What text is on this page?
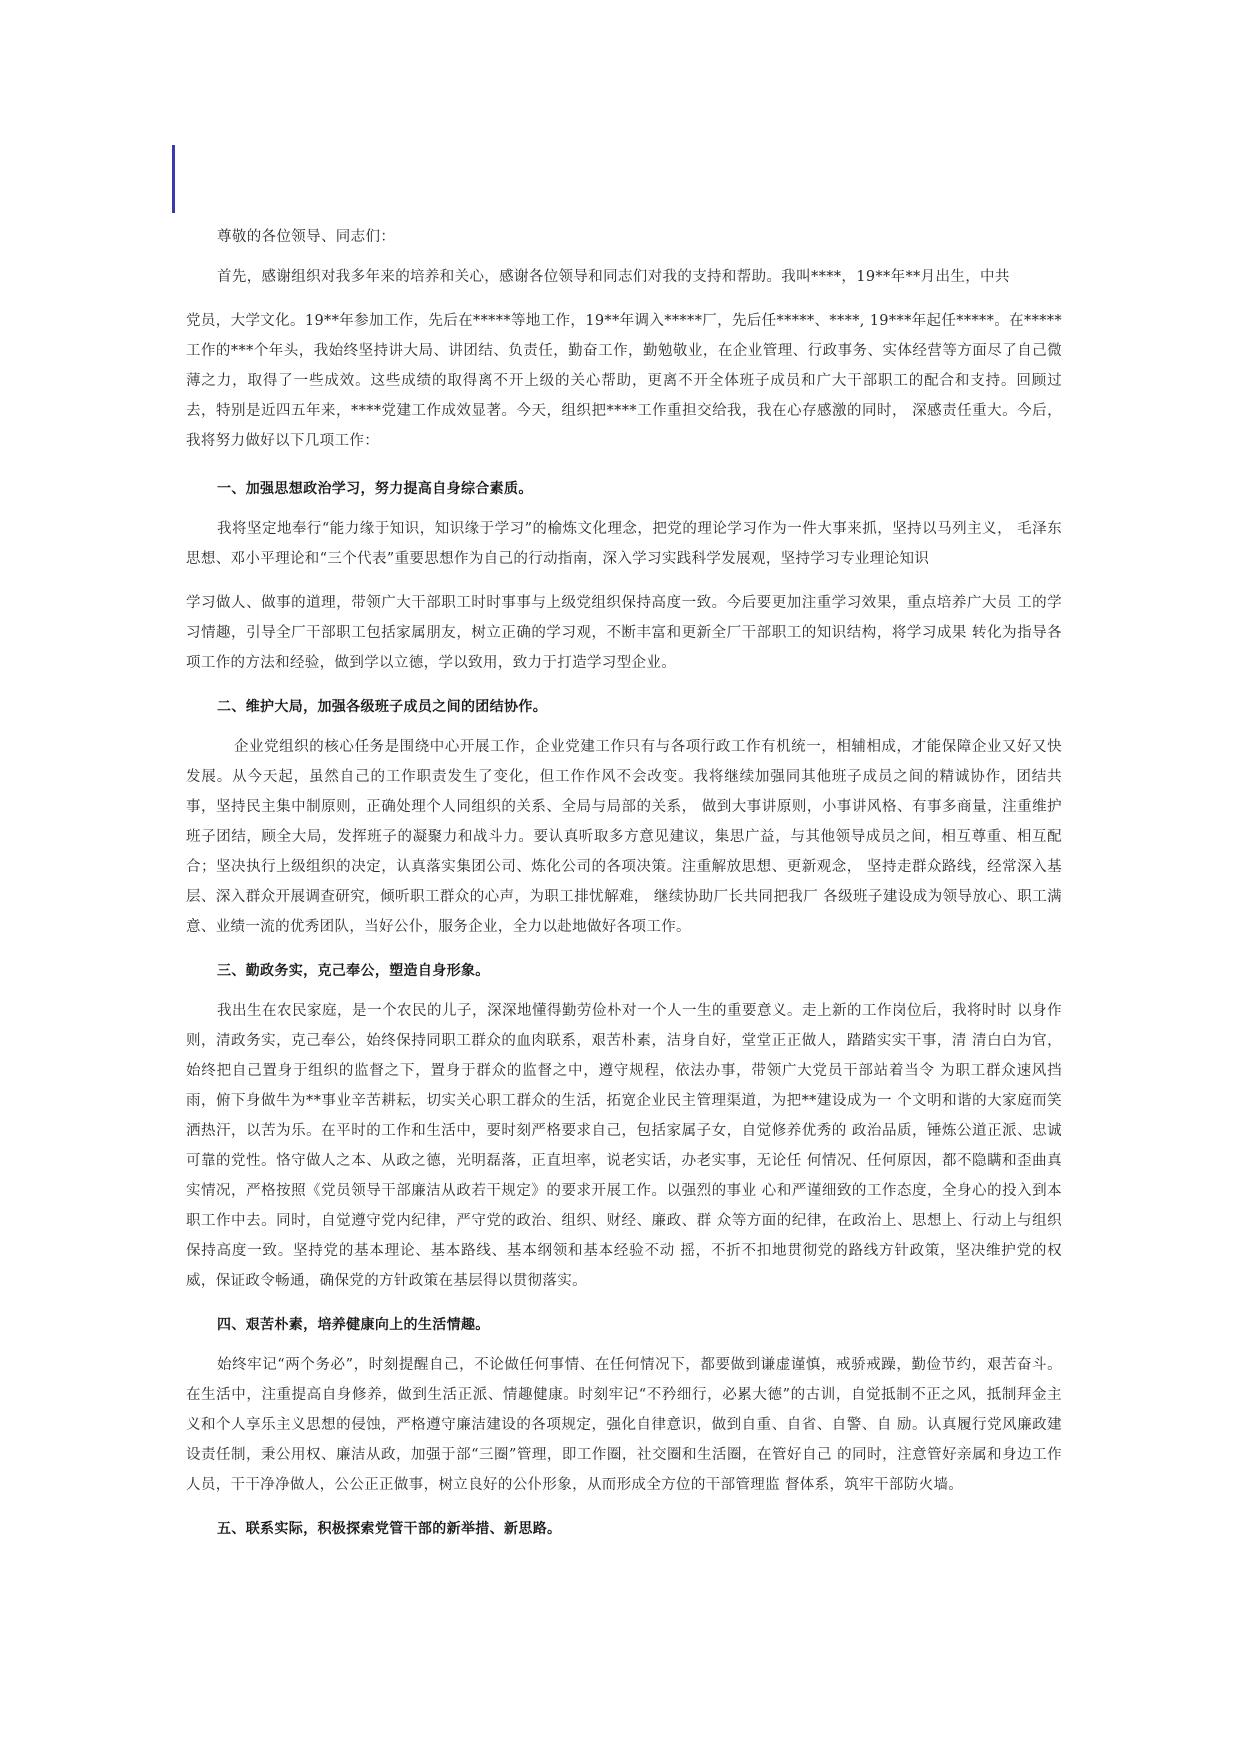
尊敬的各位领导、同志们：

首先，感谢组织对我多年来的培养和关心，感谢各位领导和同志们对我的支持和帮助。我叫****，19**年**月出生，中共

党员，大学文化。19**年参加工作，先后在*****等地工作，19**年调入*****厂，先后任*****、****, 19***年起任*****。在*****工作的***个年头，我始终坚持讲大局、讲团结、负责任，勤奋工作，勤勉敬业，在企业管理、行政事务、实体经营等方面尽了自己微薄之力，取得了一些成效。这些成绩的取得离不开上级的关心帮助，更离不开全体班子成员和广大干部职工的配合和支持。回顾过去，特别是近四五年来，****党建工作成效显著。今天，组织把****工作重担交给我，我在心存感激的同时， 深感责任重大。今后，我将努力做好以下几项工作：

一、加强思想政治学习，努力提高自身综合素质。

我将坚定地奉行“能力缘于知识，知识缘于学习”的榆炼文化理念，把党的理论学习作为一件大事来抓，坚持以马列主义， 毛泽东思想、邓小平理论和“三个代表”重要思想作为自己的行动指南，深入学习实践科学发展观，坚持学习专业理论知识

学习做人、做事的道理，带领广大干部职工时时事事与上级党组织保持高度一致。今后要更加注重学习效果，重点培养广大员 工的学习情趣，引导全厂干部职工包括家属朋友，树立正确的学习观，不断丰富和更新全厂干部职工的知识结构，将学习成果 转化为指导各项工作的方法和经验，做到学以立德，学以致用，致力于打造学习型企业。

二、维护大局，加强各级班子成员之间的团结协作。

企业党组织的核心任务是围绕中心开展工作，企业党建工作只有与各项行政工作有机统一，相辅相成，才能保障企业又好又快发展。从今天起，虽然自己的工作职责发生了变化，但工作作风不会改变。我将继续加强同其他班子成员之间的精诚协作，团结共事，坚持民主集中制原则，正确处理个人同组织的关系、全局与局部的关系， 做到大事讲原则，小事讲风格、有事多商量，注重维护班子团结，顾全大局，发挥班子的凝聚力和战斗力。要认真听取多方意见建议，集思广益，与其他领导成员之间，相互尊重、相互配合；坚决执行上级组织的决定，认真落实集团公司、炼化公司的各项决策。注重解放思想、更新观念， 坚持走群众路线，经常深入基层、深入群众开展调查研究，倾听职工群众的心声，为职工排忧解难， 继续协助厂长共同把我厂 各级班子建设成为领导放心、职工满意、业绩一流的优秀团队，当好公仆，服务企业，全力以赴地做好各项工作。

三、勤政务实，克己奉公，塑造自身形象。

我出生在农民家庭，是一个农民的儿子，深深地懂得勤劳俭朴对一个人一生的重要意义。走上新的工作岗位后，我将时时 以身作则，清政务实，克己奉公，始终保持同职工群众的血肉联系，艰苦朴素，洁身自好，堂堂正正做人，踏踏实实干事，清 清白白为官，始终把自己置身于组织的监督之下，置身于群众的监督之中，遵守规程，依法办事，带领广大党员干部站着当令 为职工群众速风挡雨，俯下身做牛为**事业辛苦耕耘，切实关心职工群众的生活，拓宽企业民主管理渠道，为把**建设成为一 个文明和谐的大家庭而笑洒热汗，以苦为乐。在平时的工作和生活中，要时刻严格要求自己，包括家属子女，自觉修养优秀的 政治品质，锤炼公道正派、忠诚可靠的党性。恪守做人之本、从政之德，光明磊落，正直坦率，说老实话，办老实事，无论任 何情况、任何原因，都不隐瞒和歪曲真实情况，严格按照《党员领导干部廉洁从政若干规定》的要求开展工作。以强烈的事业 心和严谨细致的工作态度，全身心的投入到本职工作中去。同时，自觉遵守党内纪律，严守党的政治、组织、财经、廉政、群 众等方面的纪律，在政治上、思想上、行动上与组织保持高度一致。坚持党的基本理论、基本路线、基本纲领和基本经验不动 摇，不折不扣地贯彻党的路线方针政策，坚决维护党的权威，保证政令畅通，确保党的方针政策在基层得以贯彻落实。

四、艰苦朴素，培养健康向上的生活情趣。

始终牢记“两个务必”，时刻提醒自己，不论做任何事情、在任何情况下，都要做到谦虚谨慎，戒骄戒躁，勤俭节约，艰苦奋斗。在生活中，注重提高自身修养，做到生活正派、情趣健康。时刻牢记“不矜细行，必累大德”的古训，自觉抵制不正之风，抵制拜金主义和个人享乐主义思想的侵蚀，严格遵守廉洁建设的各项规定，强化自律意识，做到自重、自省、自警、自 励。认真履行党风廉政建设责任制，秉公用权、廉洁从政，加强于部“三圈”管理，即工作圈，社交圈和生活圈，在管好自己 的同时，注意管好亲属和身边工作人员，干干净净做人，公公正正做事，树立良好的公仆形象，从而形成全方位的干部管理监 督体系，筑牢干部防火墙。

五、联系实际，积极探索党管干部的新举措、新思路。
